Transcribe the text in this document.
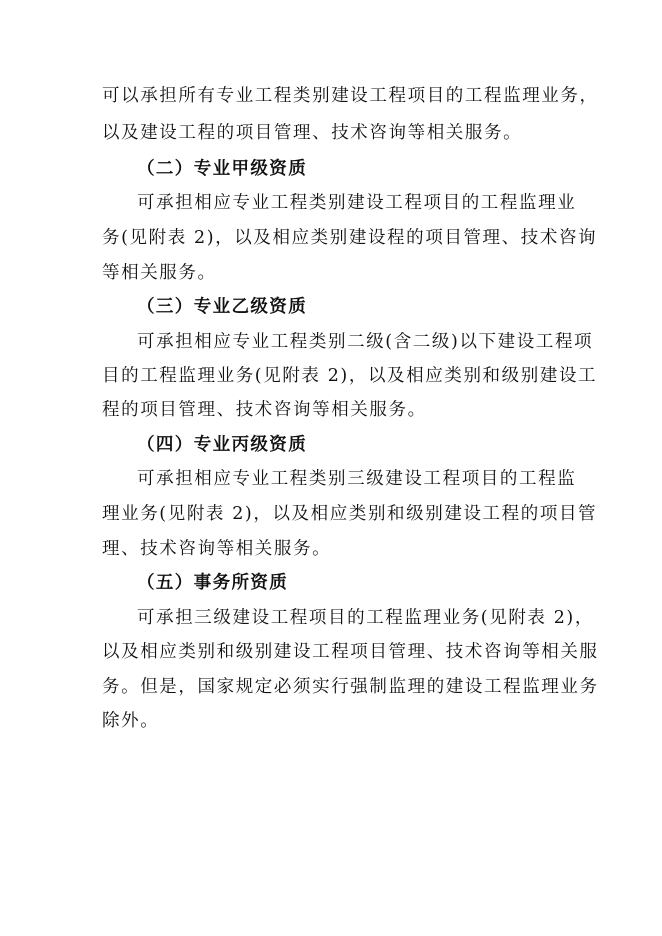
可以承担所有专业工程类别建设工程项目的工程监理业务，
以及建设工程的项目管理、技术咨询等相关服务。
（二）专业甲级资质
可承担相应专业工程类别建设工程项目的工程监理业
务(见附表 2)，以及相应类别建设程的项目管理、技术咨询
等相关服务。
（三）专业乙级资质
可承担相应专业工程类别二级(含二级)以下建设工程项
目的工程监理业务(见附表 2)，以及相应类别和级别建设工
程的项目管理、技术咨询等相关服务。
（四）专业丙级资质
可承担相应专业工程类别三级建设工程项目的工程监
理业务(见附表 2)，以及相应类别和级别建设工程的项目管
理、技术咨询等相关服务。
（五）事务所资质
可承担三级建设工程项目的工程监理业务(见附表 2)，
以及相应类别和级别建设工程项目管理、技术咨询等相关服
务。但是，国家规定必须实行强制监理的建设工程监理业务
除外。
